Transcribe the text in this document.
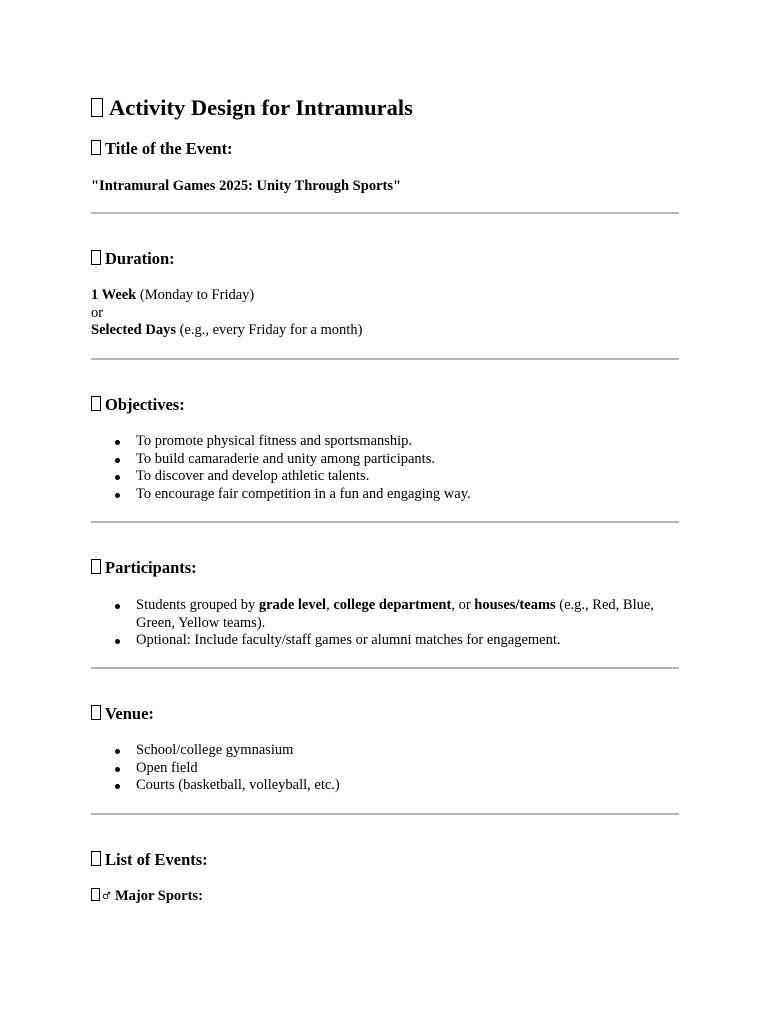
Activity Design for Intramurals
Title of the Event:

"Intramural Games 2025: Unity Through Sports"

Duration:

1 Week (Monday to Friday)
or
Selected Days (e.g., every Friday for a month)

Objectives:
To promote physical fitness and sportsmanship.
To build camaraderie and unity among participants.
To discover and develop athletic talents.
To encourage fair competition in a fun and engaging way.
Participants:
Students grouped by grade level, college department, or houses/teams (e.g., Red, Blue, Green, Yellow teams).
Optional: Include faculty/staff games or alumni matches for engagement.
Venue:
School/college gymnasium
Open field
Courts (basketball, volleyball, etc.)
List of Events:
♂ Major Sports:
